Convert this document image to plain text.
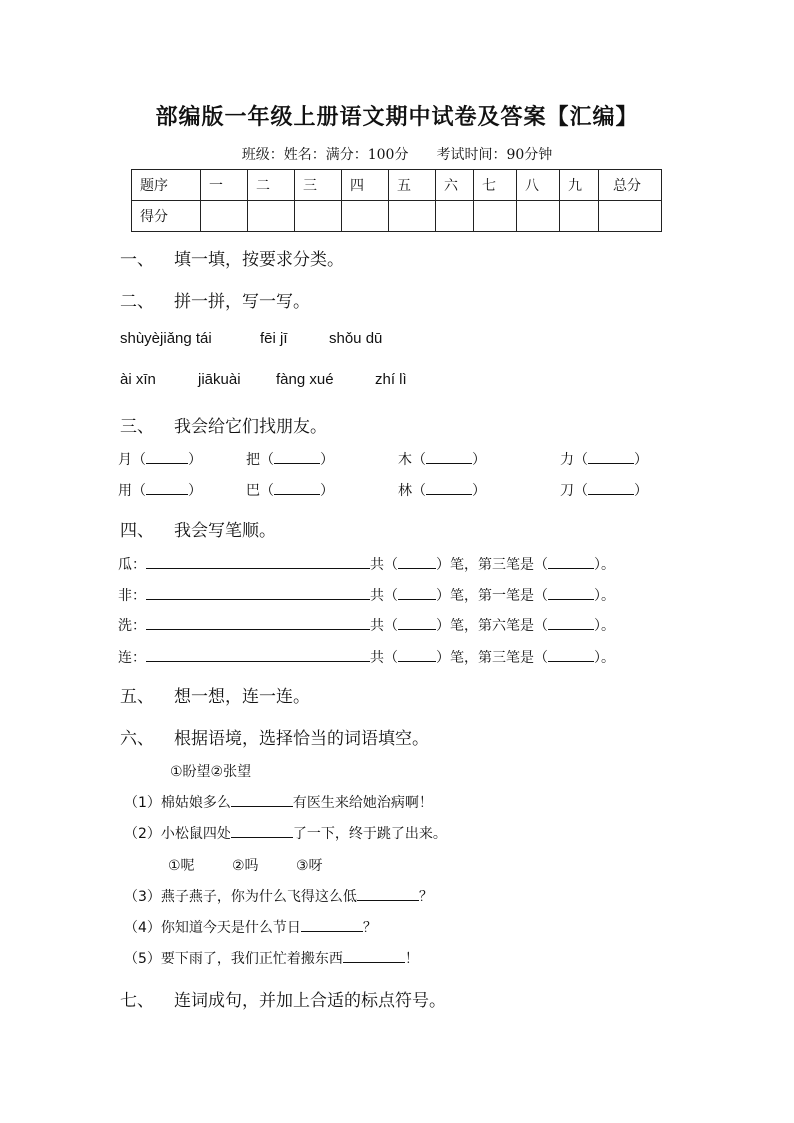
部编版一年级上册语文期中试卷及答案【汇编】
班级：姓名：满分：100分　　考试时间：90分钟
题序	一	二	三	四	五	六	七	八	九	总分
得分										
一、 填一填，按要求分类。
二、 拼一拼，写一写。
shùyèjiǎng tái	fēi jī	shǒu dū
ài xīn	jiākuài fàng xué	zhí lì
三、 我会给它们找朋友。
月（	）	把（	）	木（	）	力（	）
用（	）	巴（	）	林（	）	刀（	）
四、 我会写笔顺。
瓜：	共（	）笔，第三笔是（	）。
非：	共（	）笔，第一笔是（	）。
洗：	共（	）笔，第六笔是（	）。
连：	共（	）笔，第三笔是（	）。
五、 想一想，连一连。
六、 根据语境，选择恰当的词语填空。
①盼望②张望
（1）棉姑娘多么	有医生来给她治病啊！
（2）小松鼠四处	了一下，终于跳了出来。
①呢	②吗	③呀
（3）燕子燕子，你为什么飞得这么低	？
（4）你知道今天是什么节日	？
（5）要下雨了，我们正忙着搬东西	！
七、 连词成句，并加上合适的标点符号。
